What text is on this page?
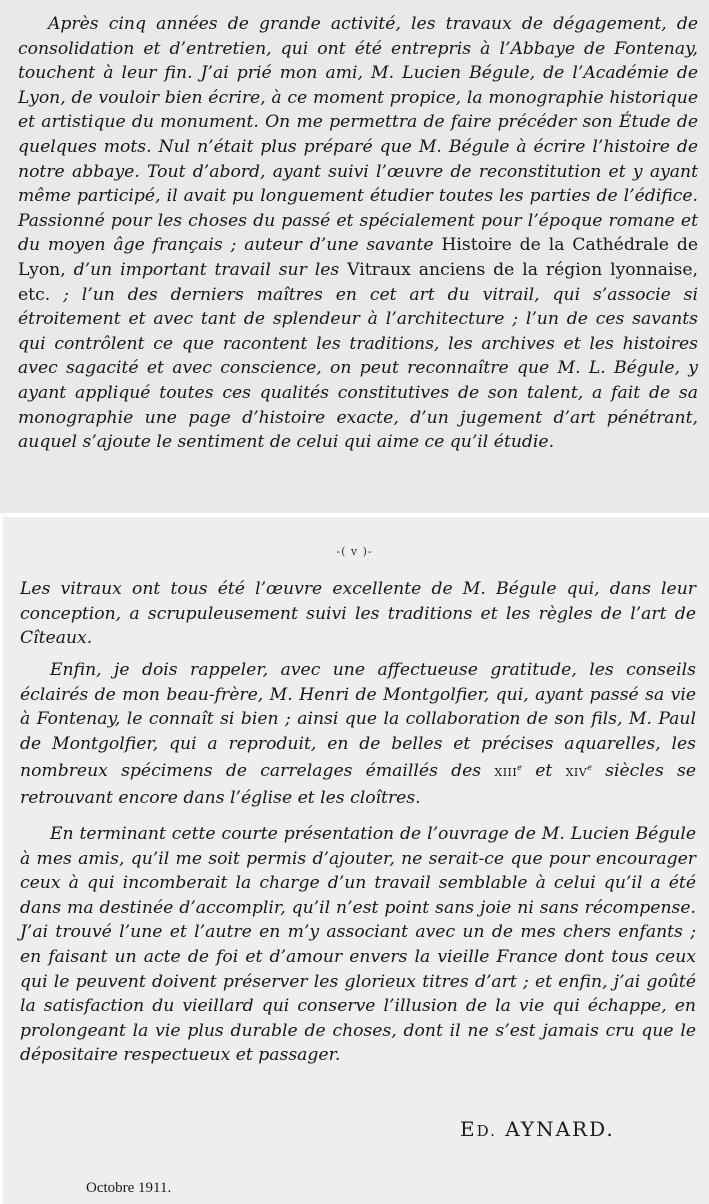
Après cinq années de grande activité, les travaux de dégagement, de consolidation et d’entretien, qui ont été entrepris à l’Abbaye de Fontenay, touchent à leur fin. J’ai prié mon ami, M. Lucien Bégule, de l’Académie de Lyon, de vouloir bien écrire, à ce moment propice, la monographie historique et artistique du monument. On me permettra de faire précéder son Étude de quelques mots. Nul n’était plus préparé que M. Bégule à écrire l’histoire de notre abbaye. Tout d’abord, ayant suivi l’œuvre de reconstitution et y ayant même participé, il avait pu longuement étudier toutes les parties de l’édifice. Passionné pour les choses du passé et spécialement pour l’époque romane et du moyen âge français ; auteur d’une savante Histoire de la Cathédrale de Lyon, d’un important travail sur les Vitraux anciens de la région lyonnaise, etc. ; l’un des derniers maîtres en cet art du vitrail, qui s’associe si étroitement et avec tant de splendeur à l’architecture ; l’un de ces savants qui contrôlent ce que racontent les traditions, les archives et les histoires avec sagacité et avec conscience, on peut reconnaître que M. L. Bégule, y ayant appliqué toutes ces qualités constitutives de son talent, a fait de sa monographie une page d’histoire exacte, d’un jugement d’art pénétrant, auquel s’ajoute le sentiment de celui qui aime ce qu’il étudie.

-( v )-

Les vitraux ont tous été l’œuvre excellente de M. Bégule qui, dans leur conception, a scrupuleusement suivi les traditions et les règles de l’art de Cîteaux.

Enfin, je dois rappeler, avec une affectueuse gratitude, les conseils éclairés de mon beau-frère, M. Henri de Montgolfier, qui, ayant passé sa vie à Fontenay, le connaît si bien ; ainsi que la collaboration de son fils, M. Paul de Montgolfier, qui a reproduit, en de belles et précises aquarelles, les nombreux spécimens de carrelages émaillés des XIIIe et XIVe siècles se retrouvant encore dans l’église et les cloîtres.

En terminant cette courte présentation de l’ouvrage de M. Lucien Bégule à mes amis, qu’il me soit permis d’ajouter, ne serait-ce que pour encourager ceux à qui incomberait la charge d’un travail semblable à celui qu’il a été dans ma destinée d’accomplir, qu’il n’est point sans joie ni sans récompense. J’ai trouvé l’une et l’autre en m’y associant avec un de mes chers enfants ; en faisant un acte de foi et d’amour envers la vieille France dont tous ceux qui le peuvent doivent préserver les glorieux titres d’art ; et enfin, j’ai goûté la satisfaction du vieillard qui conserve l’illusion de la vie qui échappe, en prolongeant la vie plus durable de choses, dont il ne s’est jamais cru que le dépositaire respectueux et passager.

ED. AYNARD.
Octobre 1911.
